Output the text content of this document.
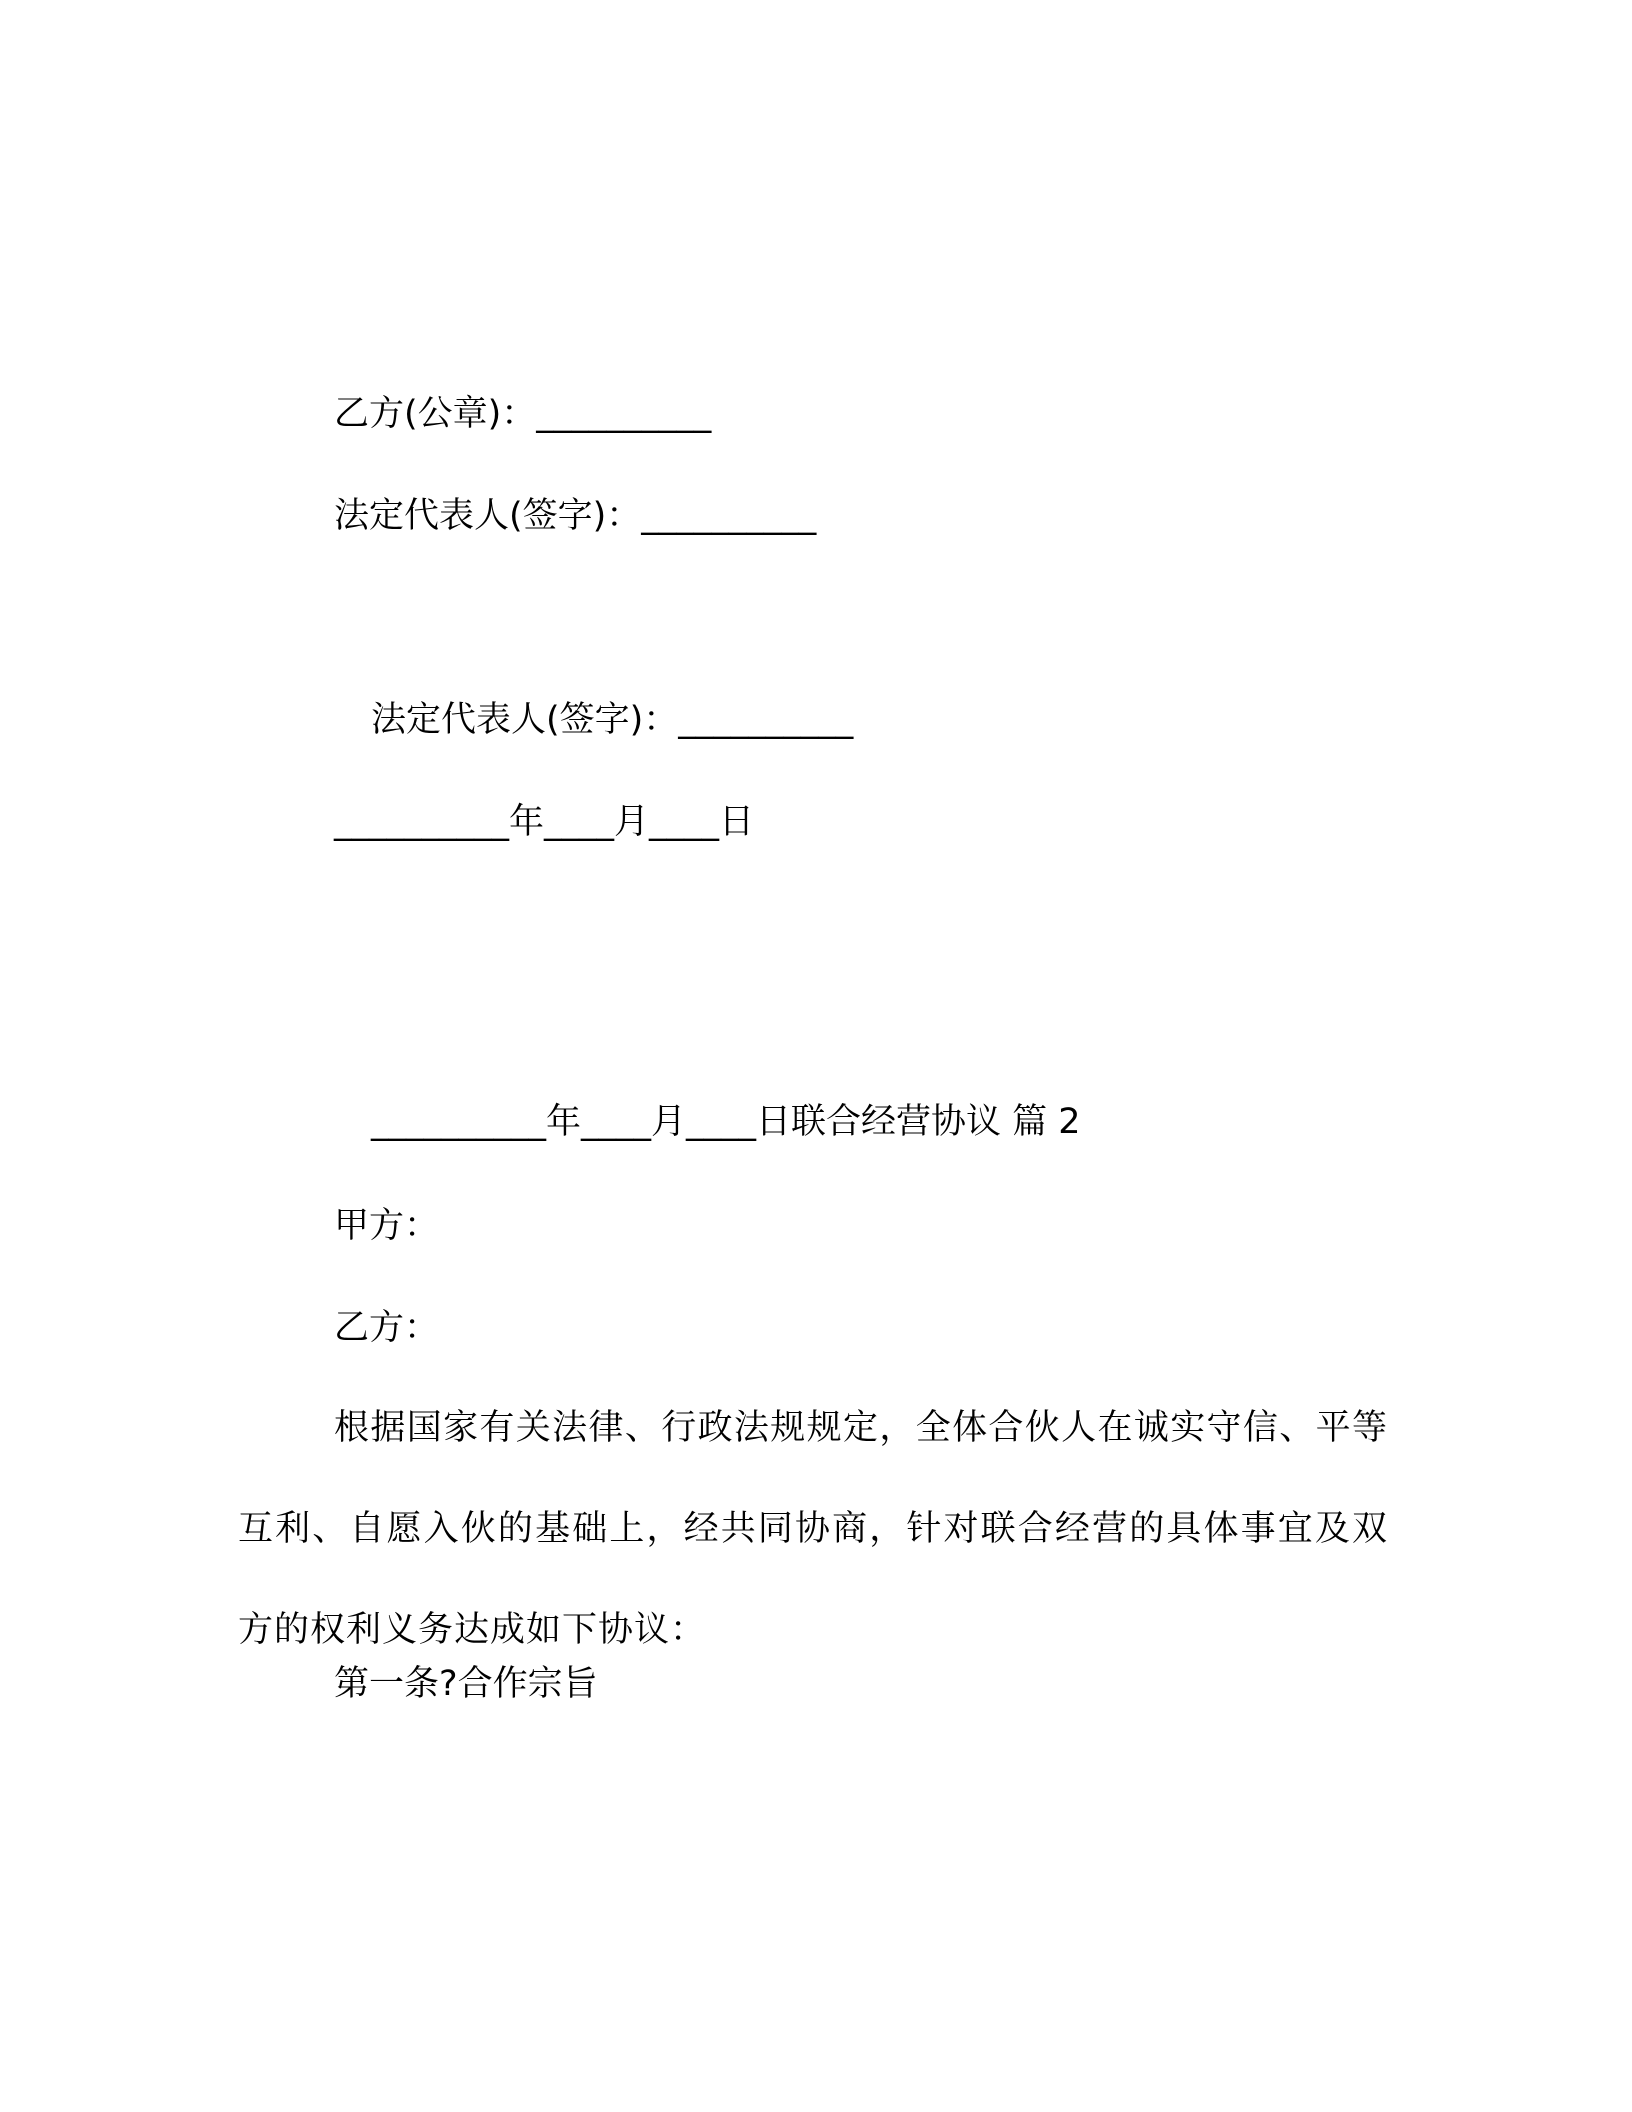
乙方(公章)：__________
法定代表人(签字)：__________
法定代表人(签字)：__________
__________年____月____日
__________年____月____日联合经营协议 篇 2
甲方：
乙方：
根据国家有关法律、行政法规规定，全体合伙人在诚实守信、平等互利、自愿入伙的基础上，经共同协商，针对联合经营的具体事宜及双方的权利义务达成如下协议：
第一条?合作宗旨
